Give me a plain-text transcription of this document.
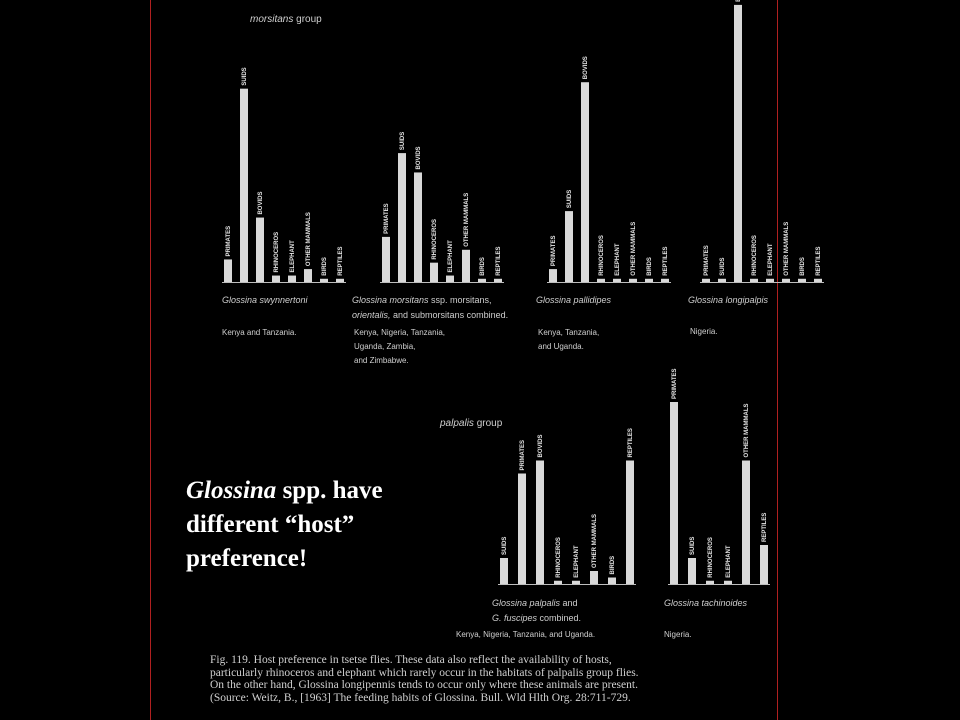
morsitans group
palpalis group
Glossina swynnertoni
Kenya and Tanzania.
Glossina morsitans ssp. morsitans,
orientalis, and submorsitans combined.
Kenya, Nigeria, Tanzania,
Uganda, Zambia,
and Zimbabwe.
Glossina pallidipes
Kenya, Tanzania,
and Uganda.
Glossina longipalpis
Nigeria.
Glossina palpalis and
G. fuscipes combined.
Kenya, Nigeria, Tanzania, and Uganda.
Glossina tachinoides
Nigeria.
PRIMATES
SUIDS
BOVIDS
RHINOCEROS ELEPHANT OTHER MAMMALS
BIRDS REPTILES
PRIMATES
SUIDS
BOVIDS
RHINOCEROS ELEPHANT
OTHER MAMMALS
BIRDS REPTILES	PRIMATES
SUIDS
BOVIDS
RHINOCEROS ELEPHANT OTHER MAMMALS BIRDS REPTILES	PRIMATES SUIDS	RHINOCEROS ELEPHANT OTHER MAMMALS BIRDS REPTILES
SUIDS
PRIMATES BOVIDS
RHINOCEROS ELEPHANT OTHER MAMMALS BIRDS
REPTILES
PRIMATES
SUIDS RHINOCEROS ELEPHANT
OTHER MAMMALS
REPTILES
Glossina spp. have
different “host”
preference!
Fig. 119. Host preference in tsetse flies. These data also reflect the availability of hosts,
particularly rhinoceros and elephant which rarely occur in the habitats of palpalis group flies.
On the other hand, Glossina longipennis tends to occur only where these animals are present.
(Source: Weitz, B., [1963] The feeding habits of Glossina. Bull. Wld Hlth Org. 28:711-729.
